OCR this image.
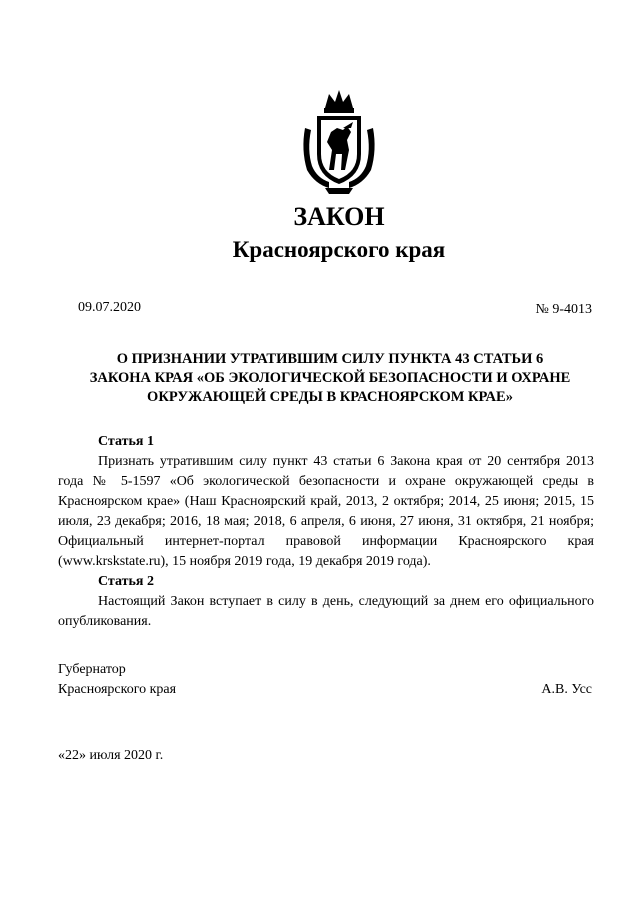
ЗАКОН
Красноярского края
09.07.2020	№ 9-4013
О ПРИЗНАНИИ УТРАТИВШИМ СИЛУ ПУНКТА 43 СТАТЬИ 6
ЗАКОНА КРАЯ «ОБ ЭКОЛОГИЧЕСКОЙ БЕЗОПАСНОСТИ И ОХРАНЕ
ОКРУЖАЮЩЕЙ СРЕДЫ В КРАСНОЯРСКОМ КРАЕ»
Статья 1

Признать утратившим силу пункт 43 статьи 6 Закона края от 20 сентября 2013 года № 5-1597 «Об экологической безопасности и охране окружающей среды в Красноярском крае» (Наш Красноярский край, 2013, 2 октября; 2014, 25 июня; 2015, 15 июля, 23 декабря; 2016, 18 мая; 2018, 6 апреля, 6 июня, 27 июня, 31 октября, 21 ноября; Официальный интернет-портал правовой информации Красноярского края (www.krskstate.ru), 15 ноября 2019 года, 19 декабря 2019 года).

Статья 2

Настоящий Закон вступает в силу в день, следующий за днем его официального опубликования.

Губернатор
Красноярского края	А.В. Усс
«22» июля 2020 г.
